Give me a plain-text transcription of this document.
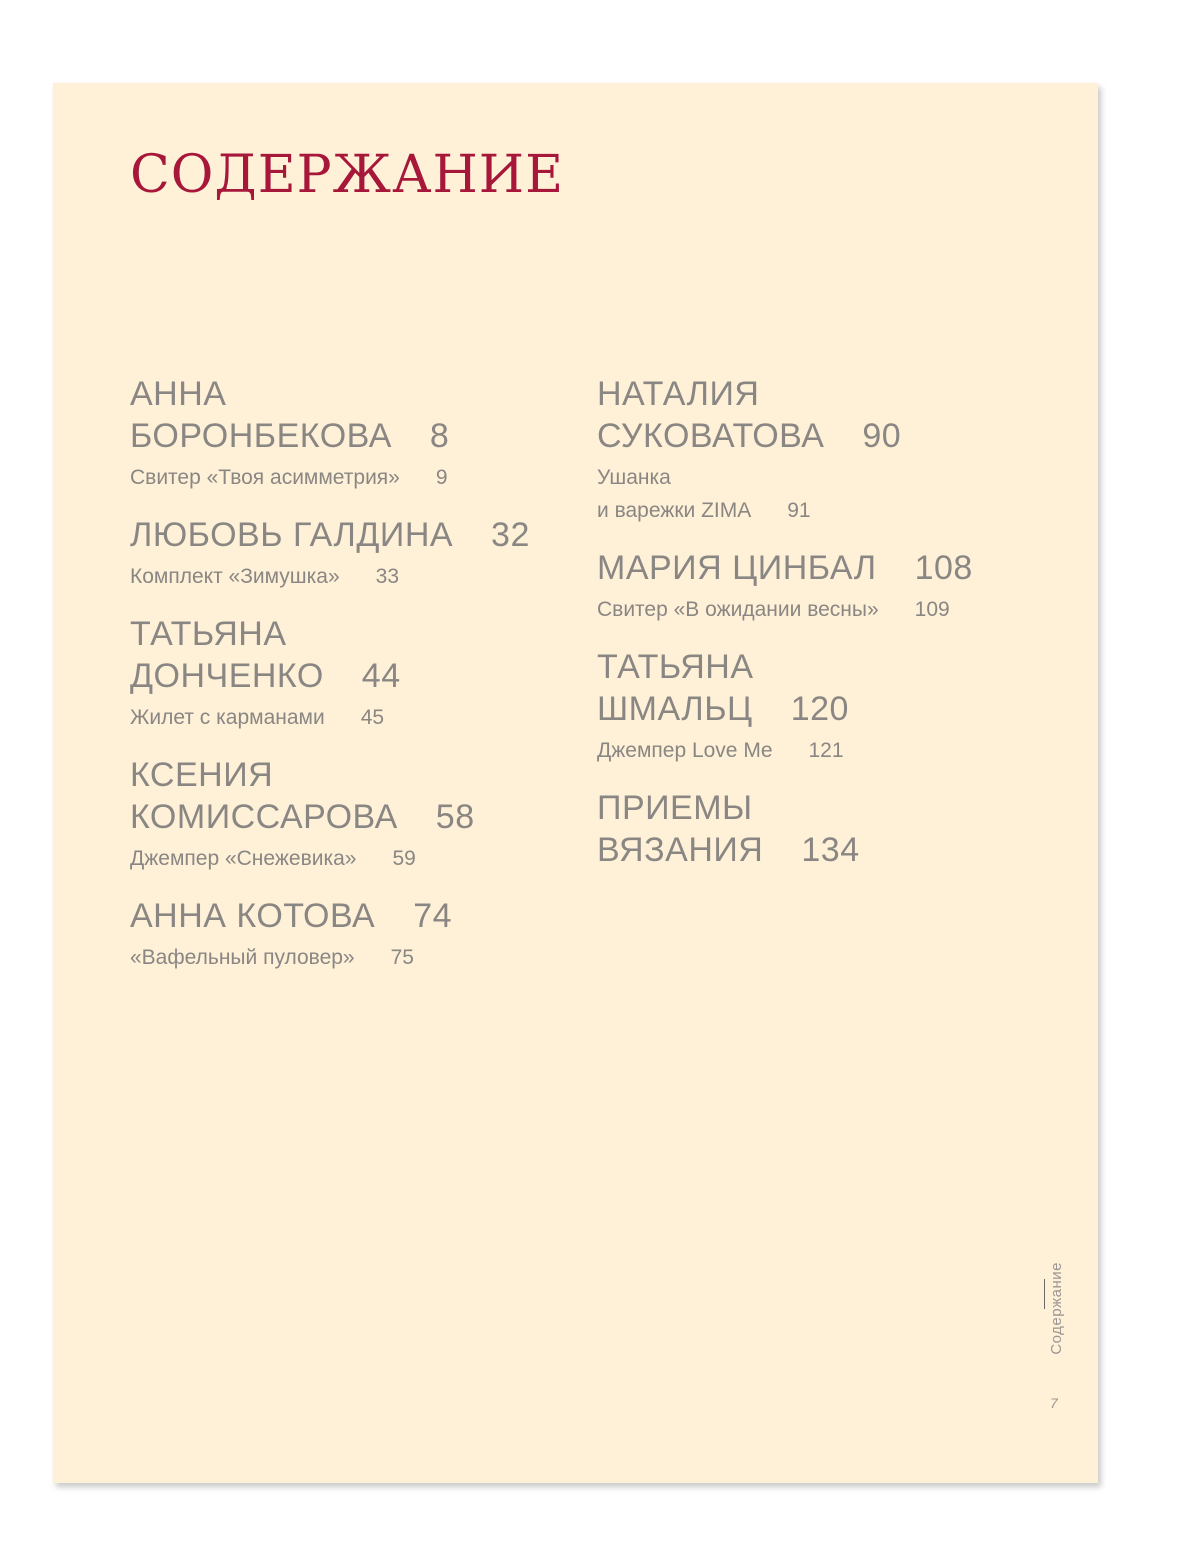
СОДЕРЖАНИЕ
АННА
БОРОНБЕКОВА 8
Свитер «Твоя асимметрия» 9
ЛЮБОВЬ ГАЛДИНА 32
Комплект «Зимушка» 33
ТАТЬЯНА
ДОНЧЕНКО 44
Жилет с карманами 45
КСЕНИЯ
КОМИССАРОВА 58
Джемпер «Снежевика» 59
АННА КОТОВА 74
«Вафельный пуловер» 75
НАТАЛИЯ
СУКОВАТОВА 90
Ушанка
и варежки ZIMA 91
МАРИЯ ЦИНБАЛ 108
Свитер «В ожидании весны» 109
ТАТЬЯНА
ШМАЛЬЦ 120
Джемпер Love Me 121
ПРИЕМЫ
ВЯЗАНИЯ 134
Содержание
7
